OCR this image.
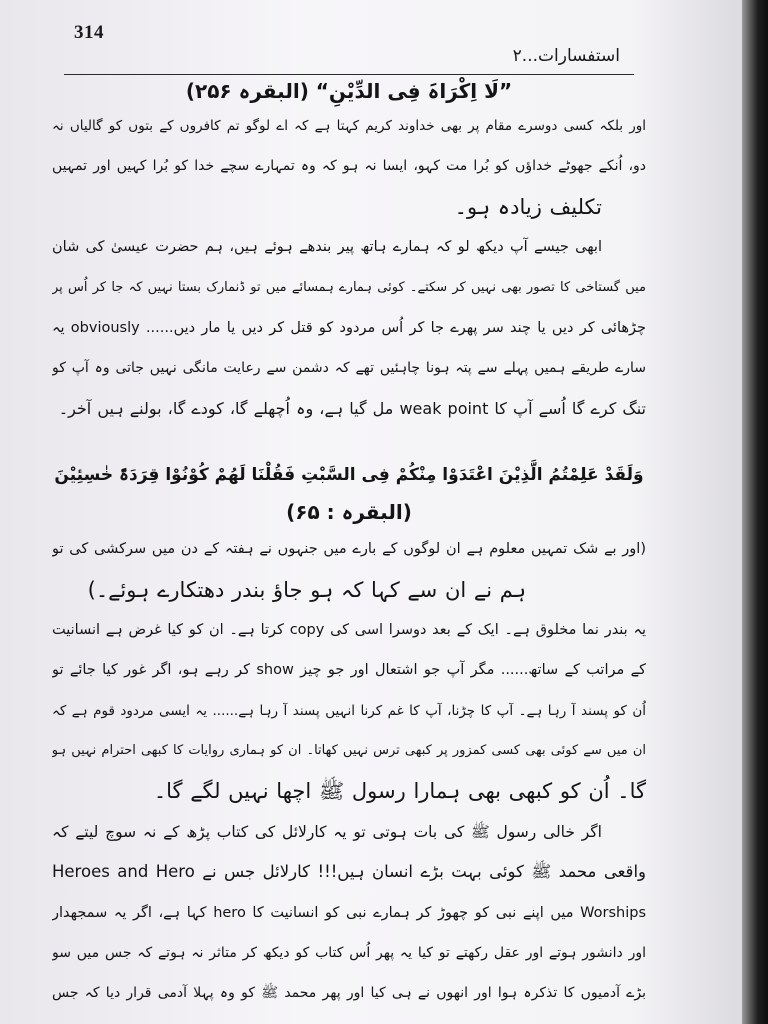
314
استفسارات...۲
”لَا اِکْرَاہَ فِی الدِّیْنِ“ (البقرہ ۲۵۶)
اور بلکہ کسی دوسرے مقام پر بھی خداوند کریم کہتا ہے کہ اے لوگو تم کافروں کے بتوں کو گالیاں نہ
دو، اُنکے جھوٹے خداؤں کو بُرا مت کہو، ایسا نہ ہو کہ وہ تمہارے سچے خدا کو بُرا کہیں اور تمہیں
تکلیف زیادہ ہو۔
ابھی جیسے آپ دیکھ لو کہ ہمارے ہاتھ پیر بندھے ہوئے ہیں، ہم حضرت عیسیٰ کی شان
میں گستاخی کا تصور بھی نہیں کر سکتے۔ کوئی ہمارے ہمسائے میں تو ڈنمارک بستا نہیں کہ جا کر اُس پر
چڑھائی کر دیں یا چند سر پھرے جا کر اُس مردود کو قتل کر دیں یا مار دیں...... obviously یہ
سارے طریقے ہمیں پہلے سے پتہ ہونا چاہئیں تھے کہ دشمن سے رعایت مانگی نہیں جاتی وہ آپ کو
تنگ کرے گا اُسے آپ کا weak point مل گیا ہے، وہ اُچھلے گا، کودے گا، بولنے ہیں آخر۔
وَلَقَدْ عَلِمْتُمُ الَّذِیْنَ اعْتَدَوْا مِنْکُمْ فِی السَّبْتِ فَقُلْنَا لَھُمْ کُوْنُوْا قِرَدَۃً خٰسِئِیْنَ
(البقرہ : ۶۵)
(اور بے شک تمہیں معلوم ہے ان لوگوں کے بارے میں جنہوں نے ہفتہ کے دن میں سرکشی کی تو
ہم نے ان سے کہا کہ ہو جاؤ بندر دھتکارے ہوئے۔)
یہ بندر نما مخلوق ہے۔ ایک کے بعد دوسرا اسی کی copy کرتا ہے۔ ان کو کیا غرض ہے انسانیت
کے مراتب کے ساتھ...... مگر آپ جو اشتعال اور جو چیز show کر رہے ہو، اگر غور کیا جائے تو
اُن کو پسند آ رہا ہے۔ آپ کا چڑنا، آپ کا غم کرنا انہیں پسند آ رہا ہے...... یہ ایسی مردود قوم ہے کہ
ان میں سے کوئی بھی کسی کمزور پر کبھی ترس نہیں کھاتا۔ ان کو ہماری روایات کا کبھی احترام نہیں ہو
گا۔ اُن کو کبھی بھی ہمارا رسول ﷺ اچھا نہیں لگے گا۔
اگر خالی رسول ﷺ کی بات ہوتی تو یہ کارلائل کی کتاب پڑھ کے نہ سوچ لیتے کہ
واقعی محمد ﷺ کوئی بہت بڑے انسان ہیں!!! کارلائل جس نے Heroes and Hero
Worships میں اپنے نبی کو چھوڑ کر ہمارے نبی کو انسانیت کا hero کہا ہے، اگر یہ سمجھدار
اور دانشور ہوتے اور عقل رکھتے تو کیا یہ پھر اُس کتاب کو دیکھ کر متاثر نہ ہوتے کہ جس میں سو
بڑے آدمیوں کا تذکرہ ہوا اور انھوں نے ہی کیا اور پھر محمد ﷺ کو وہ پہلا آدمی قرار دیا کہ جس
